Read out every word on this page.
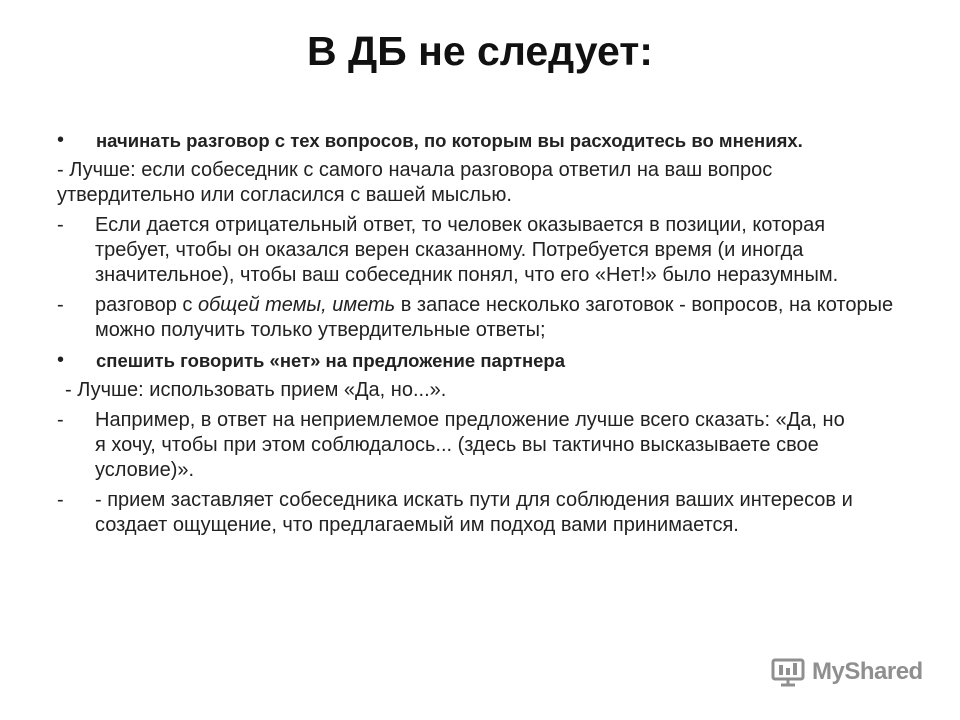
В ДБ не следует:
•	начинать разговор с тех вопросов, по которым вы расходитесь во мнениях.
- Лучше: если собеседник с самого начала разговора ответил на ваш вопрос утвердительно или согласился с вашей мыслью.
-	Если дается отрицательный ответ, то человек оказывается в позиции, которая требует, чтобы он оказался верен сказанному. Потребуется время (и иногда значительное), чтобы ваш собеседник понял, что его «Нет!» было неразумным.
-	разговор с общей темы, иметь в запасе несколько заготовок - вопросов, на которые можно получить только утвердительные ответы;
•	спешить говорить «нет» на предложение партнера
- Лучше: использовать прием «Да, но...».
-	Например, в ответ на неприемлемое предложение лучше всего сказать: «Да, но я хочу, чтобы при этом соблюдалось... (здесь вы тактично высказываете свое условие)».
-	- прием заставляет собеседника искать пути для соблюдения ваших интересов и создает ощущение, что предлагаемый им подход вами принимается.
MyShared
